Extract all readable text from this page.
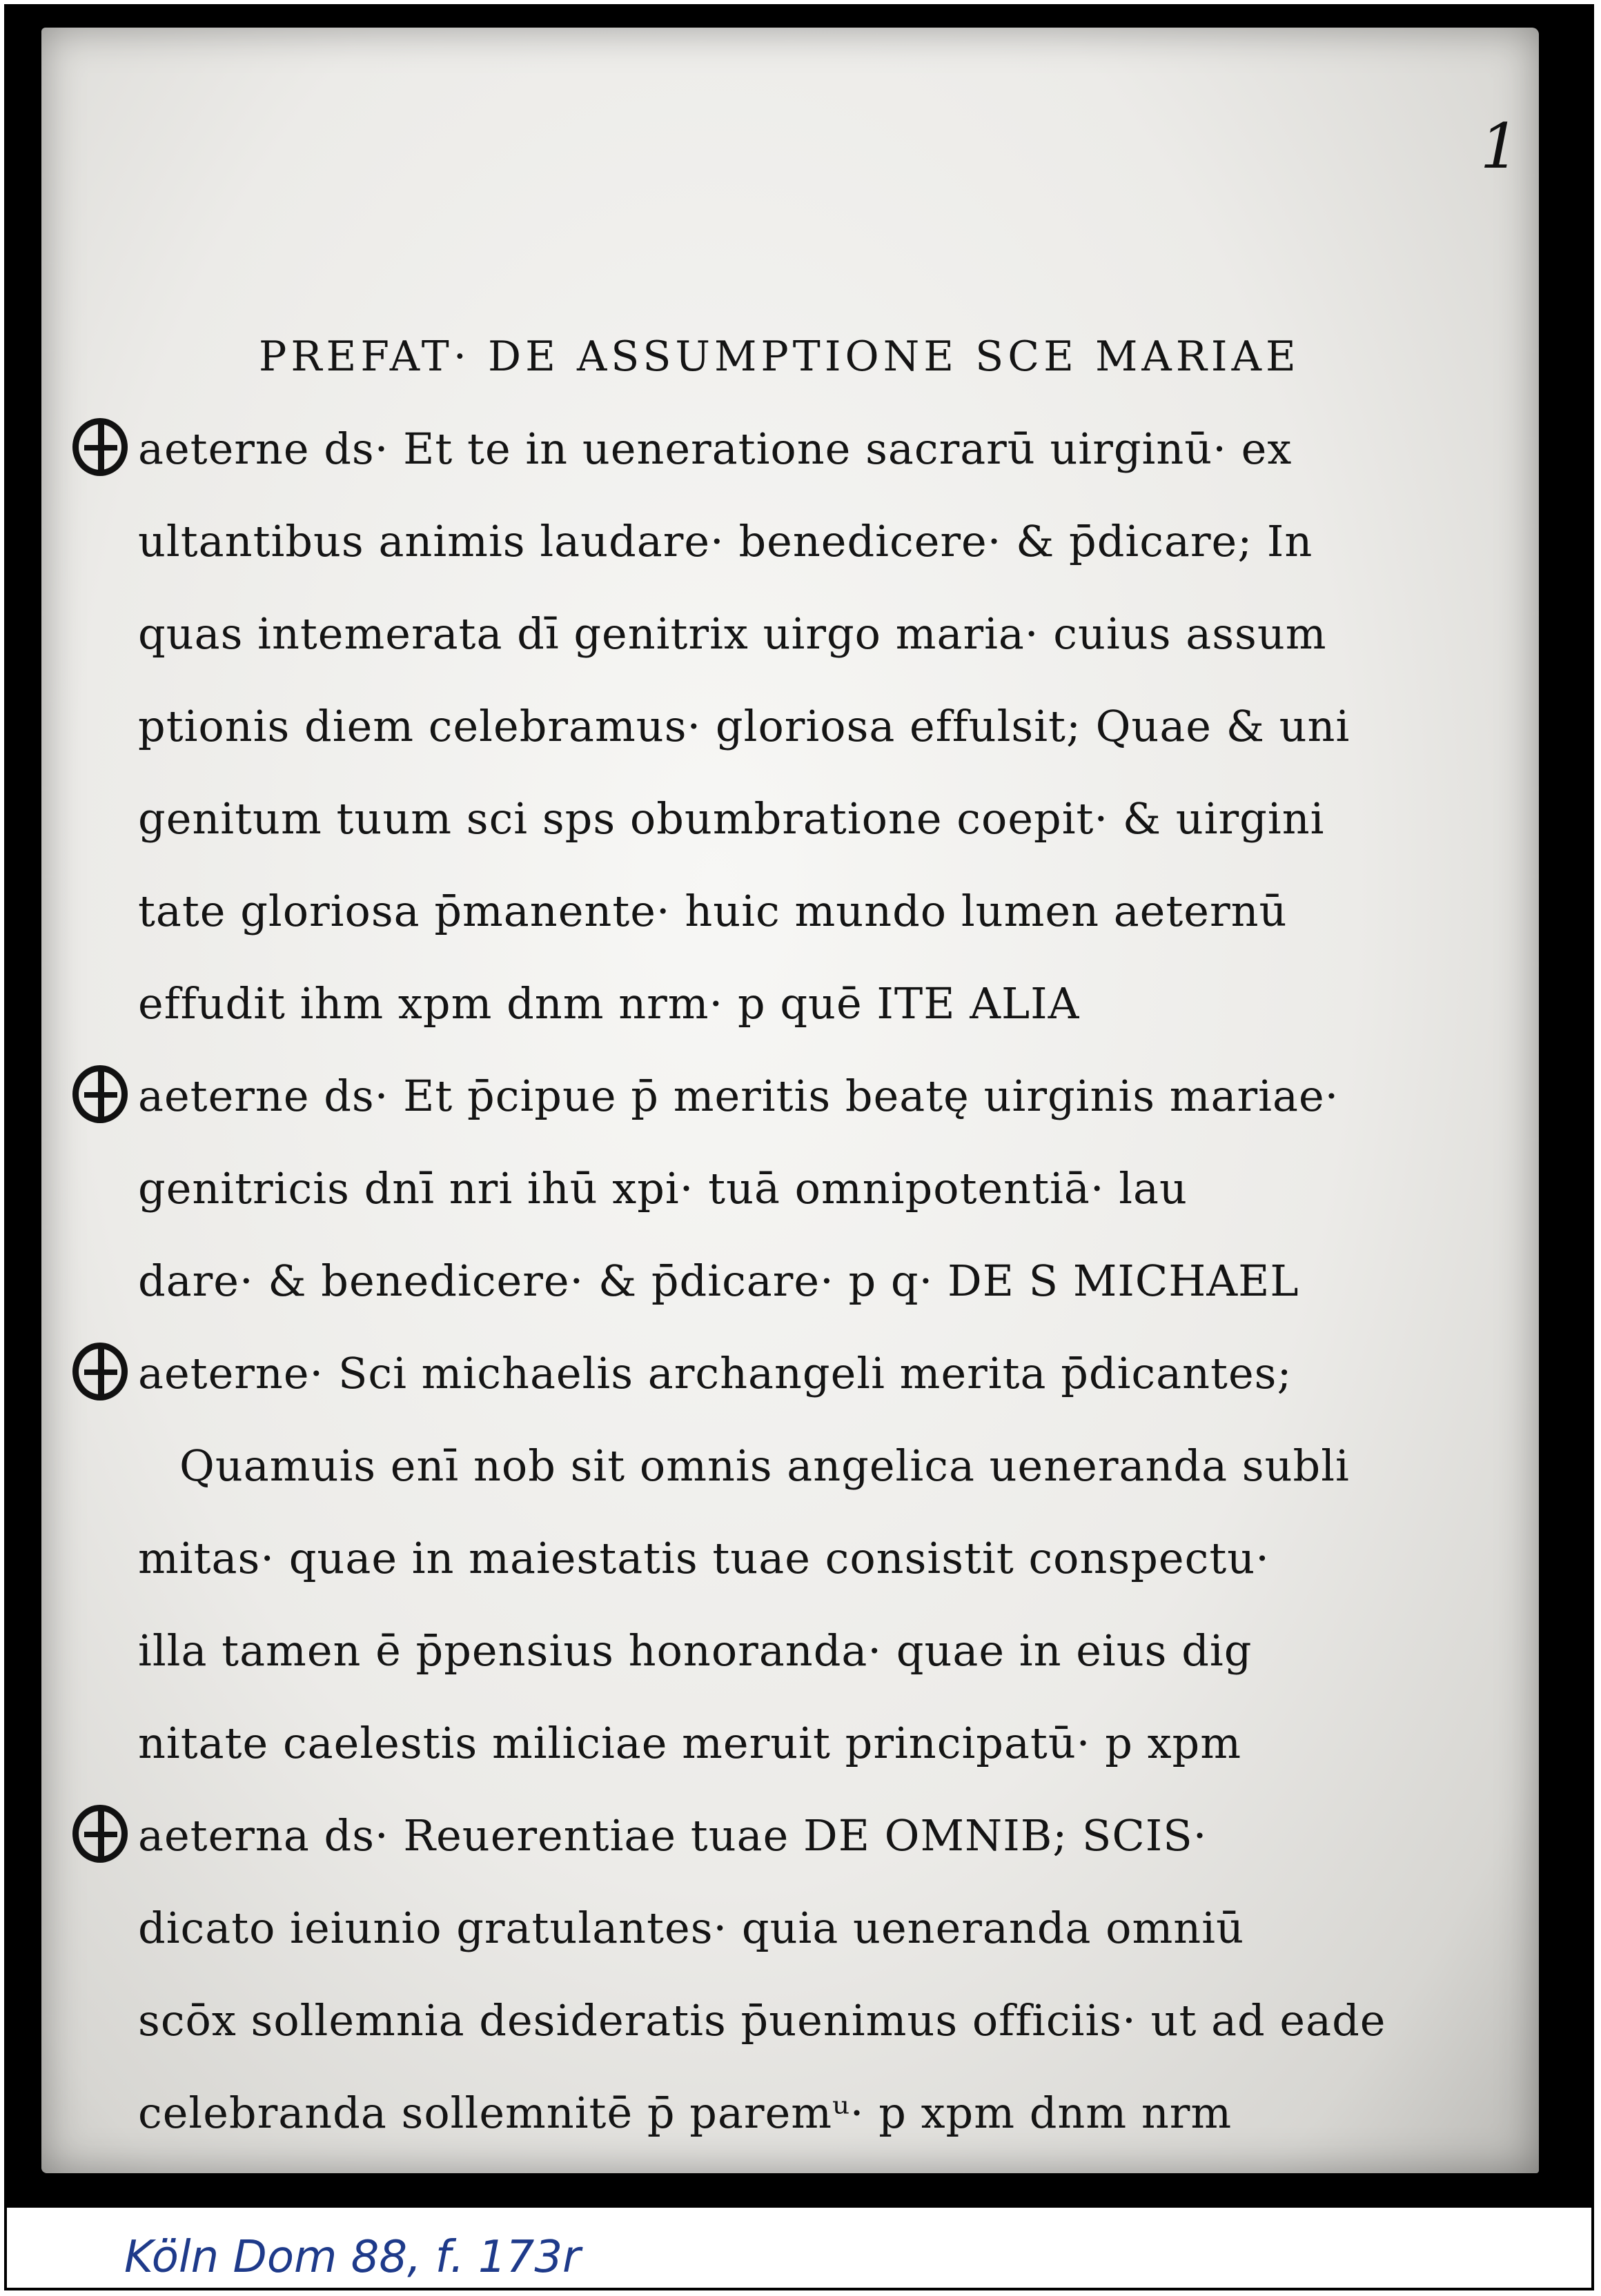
1
PREFAT· DE ASSUMPTIONE SCE MARIAE
aeterne ds· Et te in ueneratione sacrarū uirginū· ex
ultantibus animis laudare· benedicere· & p̄dicare; In
quas intemerata dī genitrix uirgo maria· cuius assum
ptionis diem celebramus· gloriosa effulsit; Quae & uni
genitum tuum sci sps obumbratione coepit· & uirgini
tate gloriosa p̄manente· huic mundo lumen aeternū
effudit ihm xpm dnm nrm· p quē ITE ALIA
aeterne ds· Et p̄cipue p̄ meritis beatę uirginis mariae·
genitricis dnī nri ihū xpi· tuā omnipotentiā· lau
dare· & benedicere· & p̄dicare· p q· DE S MICHAEL
aeterne· Sci michaelis archangeli merita p̄dicantes;
Quamuis enī nob sit omnis angelica ueneranda subli
mitas· quae in maiestatis tuae consistit conspectu·
illa tamen ē p̄pensius honoranda· quae in eius dig
nitate caelestis miliciae meruit principatū· p xpm
aeterna ds· Reuerentiae tuae DE OMNIB; SCIS·
dicato ieiunio gratulantes· quia ueneranda omniū
scōx sollemnia desideratis p̄uenimus officiis· ut ad eade
celebranda sollemnitē p̄ paremᵘ· p xpm dnm nrm
Köln Dom 88, f. 173r
